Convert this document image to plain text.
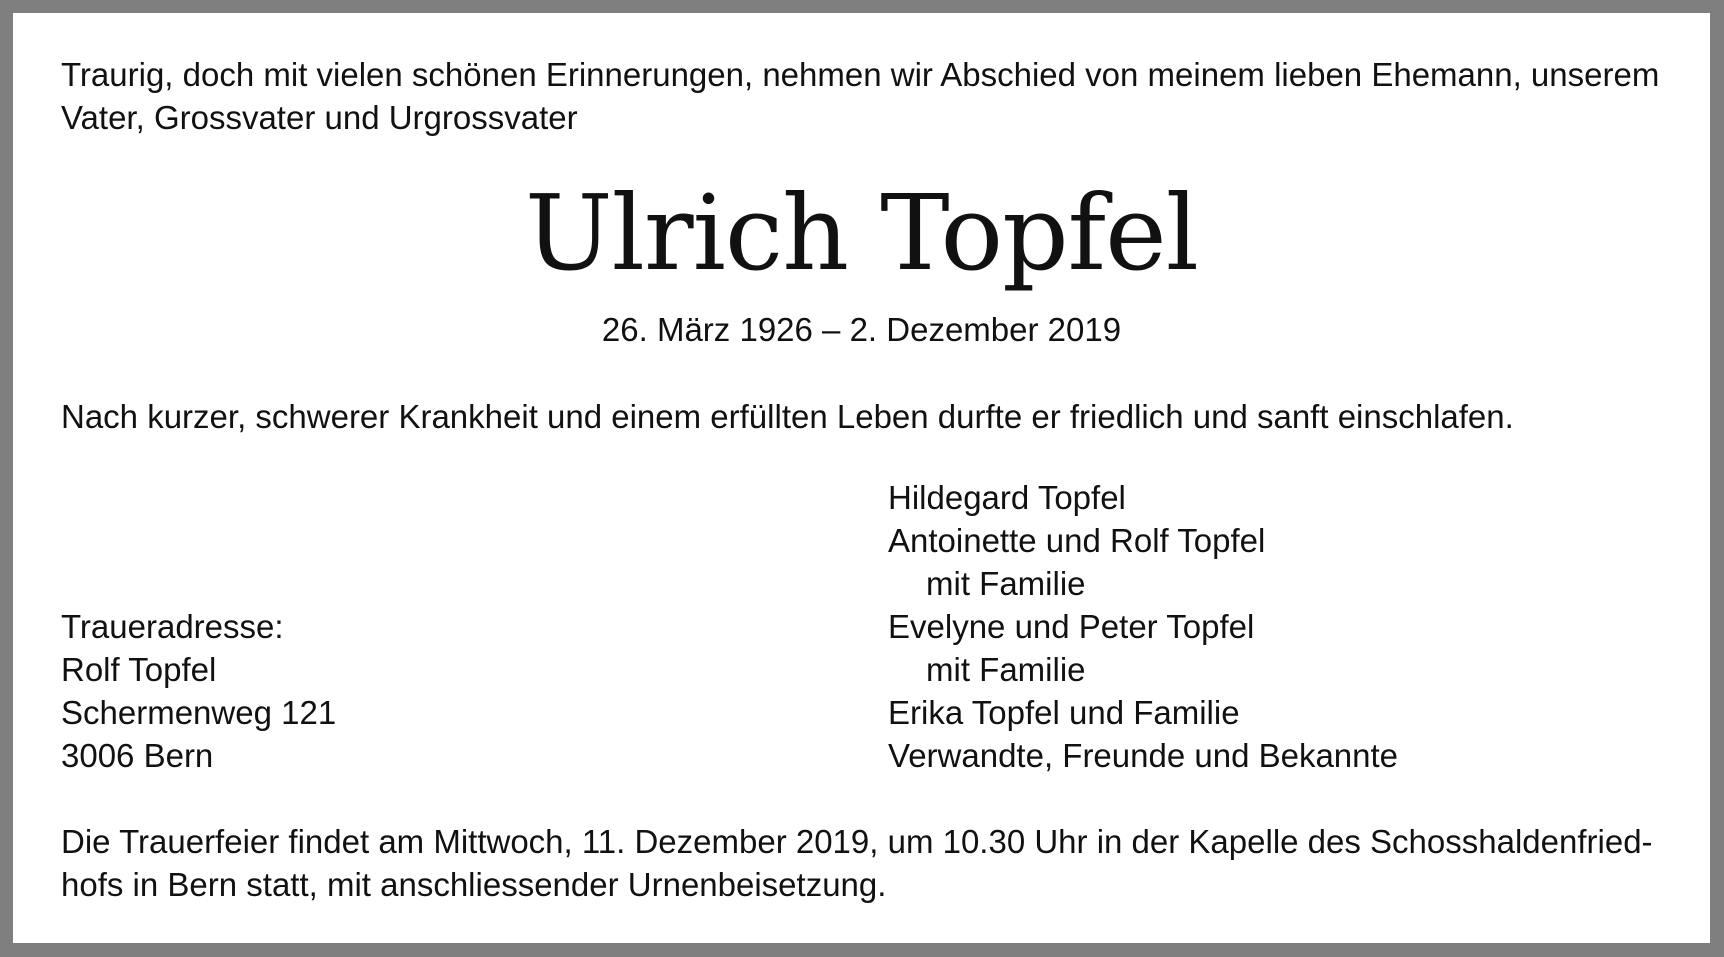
Traurig, doch mit vielen schönen Erinnerungen, nehmen wir Abschied von meinem lieben Ehemann, unserem
Vater, Grossvater und Urgrossvater
Ulrich Topfel
26. März 1926 – 2. Dezember 2019
Nach kurzer, schwerer Krankheit und einem erfüllten Leben durfte er friedlich und sanft einschlafen.
Hildegard Topfel
Antoinette und Rolf Topfel
mit Familie
Evelyne und Peter Topfel
mit Familie
Erika Topfel und Familie
Verwandte, Freunde und Bekannte
Traueradresse:
Rolf Topfel
Schermenweg 121
3006 Bern
Die Trauerfeier findet am Mittwoch, 11. Dezember 2019, um 10.30 Uhr in der Kapelle des Schosshaldenfried-
hofs in Bern statt, mit anschliessender Urnenbeisetzung.
